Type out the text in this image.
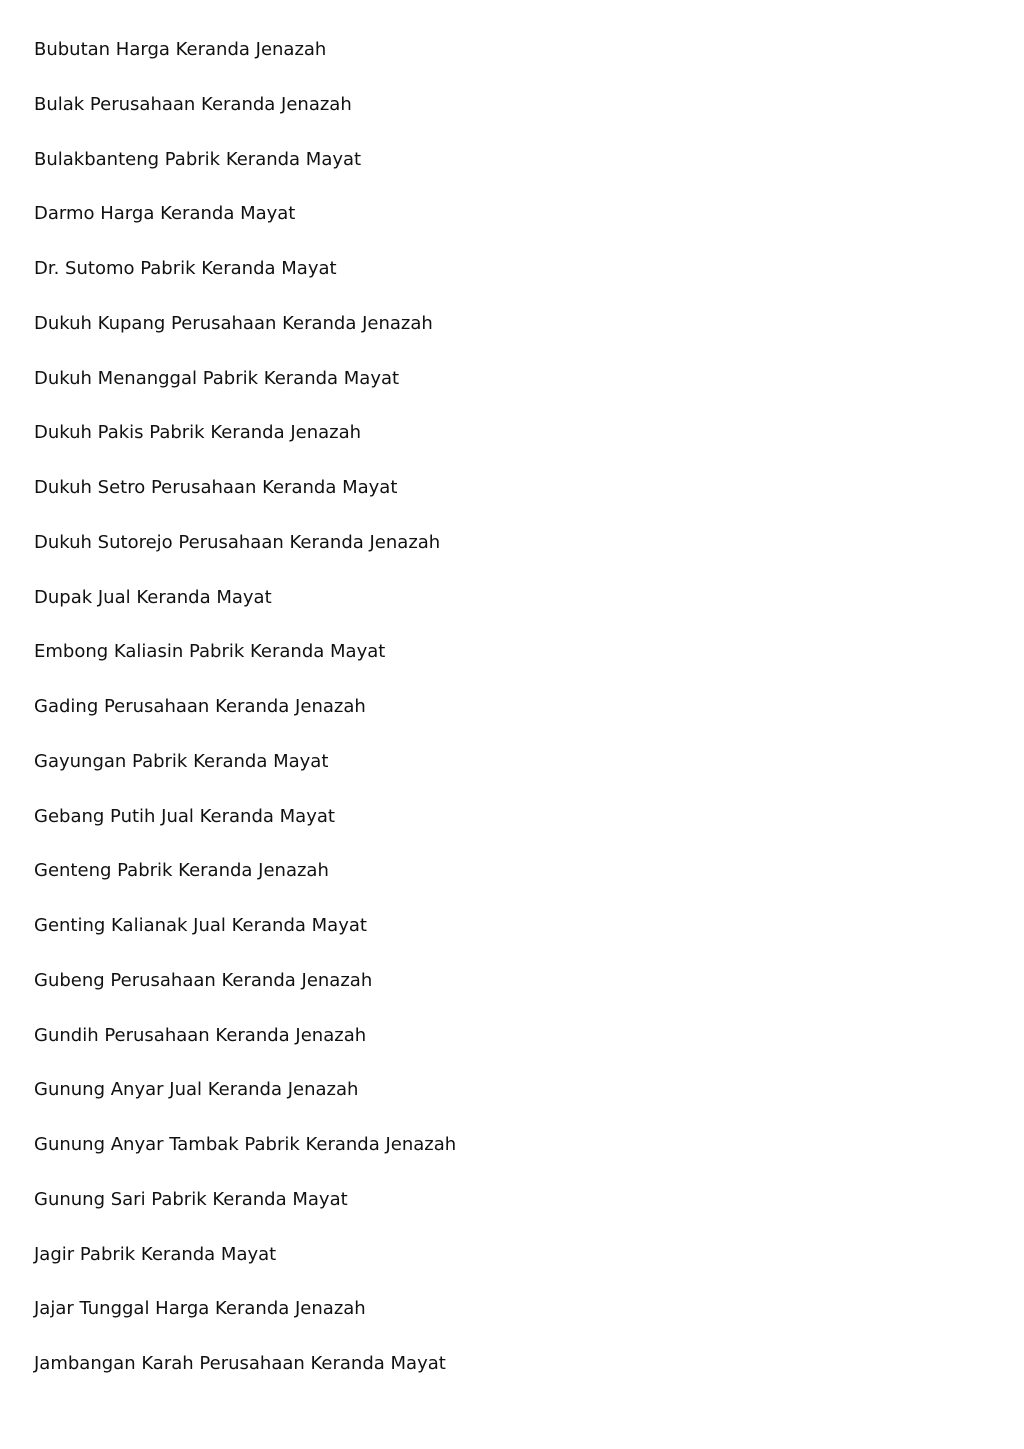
Bubutan Harga Keranda Jenazah
Bulak Perusahaan Keranda Jenazah
Bulakbanteng Pabrik Keranda Mayat
Darmo Harga Keranda Mayat
Dr. Sutomo Pabrik Keranda Mayat
Dukuh Kupang Perusahaan Keranda Jenazah
Dukuh Menanggal Pabrik Keranda Mayat
Dukuh Pakis Pabrik Keranda Jenazah
Dukuh Setro Perusahaan Keranda Mayat
Dukuh Sutorejo Perusahaan Keranda Jenazah
Dupak Jual Keranda Mayat
Embong Kaliasin Pabrik Keranda Mayat
Gading Perusahaan Keranda Jenazah
Gayungan Pabrik Keranda Mayat
Gebang Putih Jual Keranda Mayat
Genteng Pabrik Keranda Jenazah
Genting Kalianak Jual Keranda Mayat
Gubeng Perusahaan Keranda Jenazah
Gundih Perusahaan Keranda Jenazah
Gunung Anyar Jual Keranda Jenazah
Gunung Anyar Tambak Pabrik Keranda Jenazah
Gunung Sari Pabrik Keranda Mayat
Jagir Pabrik Keranda Mayat
Jajar Tunggal Harga Keranda Jenazah
Jambangan Karah Perusahaan Keranda Mayat
